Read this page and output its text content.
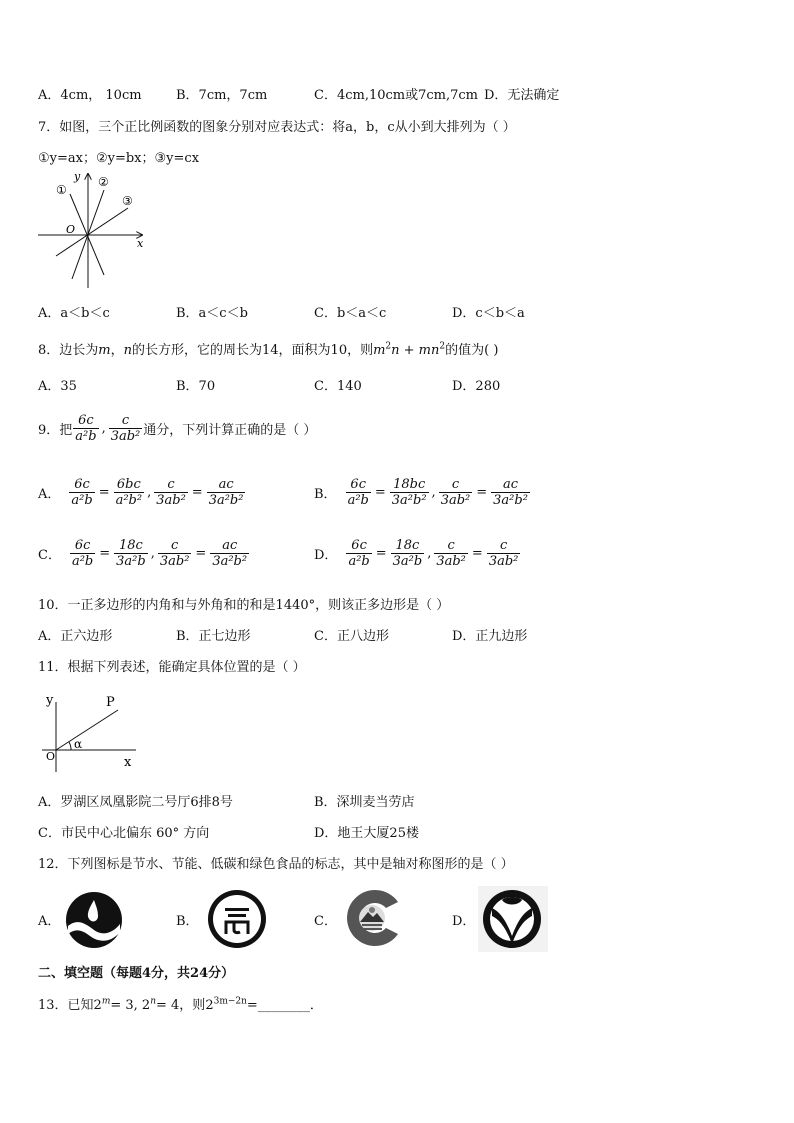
A．4cm， 10cm	B．7cm，7cm	C．4cm,10cm或7cm,7cm D．无法确定
7．如图，三个正比例函数的图象分别对应表达式：将a，b，c从小到大排列为（ ）
①y=ax；②y=bx；③y=cx
y
x
O
①
②
③
A．a＜b＜c	B．a＜c＜b	C．b＜a＜c	D．c＜b＜a
8．边长为m，n的长方形，它的周长为14，面积为10，则$m^2n + mn^2$的值为( )
A．35	B．70	C．140	D．280
9．把 $\frac{6c}{\text{a²b}}$ , $\frac{c}{\text{3ab²}}$ 通分，下列计算正确的是（ ）
A． $\frac{6c}{\text{a²b}} = \frac{6bc}{\text{a²b²}}$ , $\frac{c}{\text{3ab²}} = \frac{ac}{\text{3a²b²}}$	B． $\frac{6c}{\text{a²b}} = \frac{18bc}{\text{3a²b²}}$ , $\frac{c}{\text{3ab²}} = \frac{ac}{\text{3a²b²}}$
C． $\frac{6c}{\text{a²b}} = \frac{18c}{\text{3a²b}}$ , $\frac{c}{\text{3ab²}} = \frac{ac}{\text{3a²b²}}$	D． $\frac{6c}{\text{a²b}} = \frac{18c}{\text{3a²b}}$ , $\frac{c}{\text{3ab²}} = \frac{c}{\text{3ab²}}$
10．一正多边形的内角和与外角和的和是1440°，则该正多边形是（ ）
A．正六边形	B．正七边形	C．正八边形	D．正九边形
11．根据下列表述，能确定具体位置的是（ ）
y
x
O
P
α
A．罗湖区凤凰影院二号厅6排8号	B．深圳麦当劳店
C．市民中心北偏东 60° 方向	D．地王大厦25楼
12．下列图标是节水、节能、低碳和绿色食品的标志，其中是轴对称图形的是（ ）
A．	B．	C．	D．
二、填空题（每题4分，共24分）
13．已知$2^m= 3$, $2^n= 4$，则$2^{3m-2n}=\_\_\_\_\_\_\_\_$．
